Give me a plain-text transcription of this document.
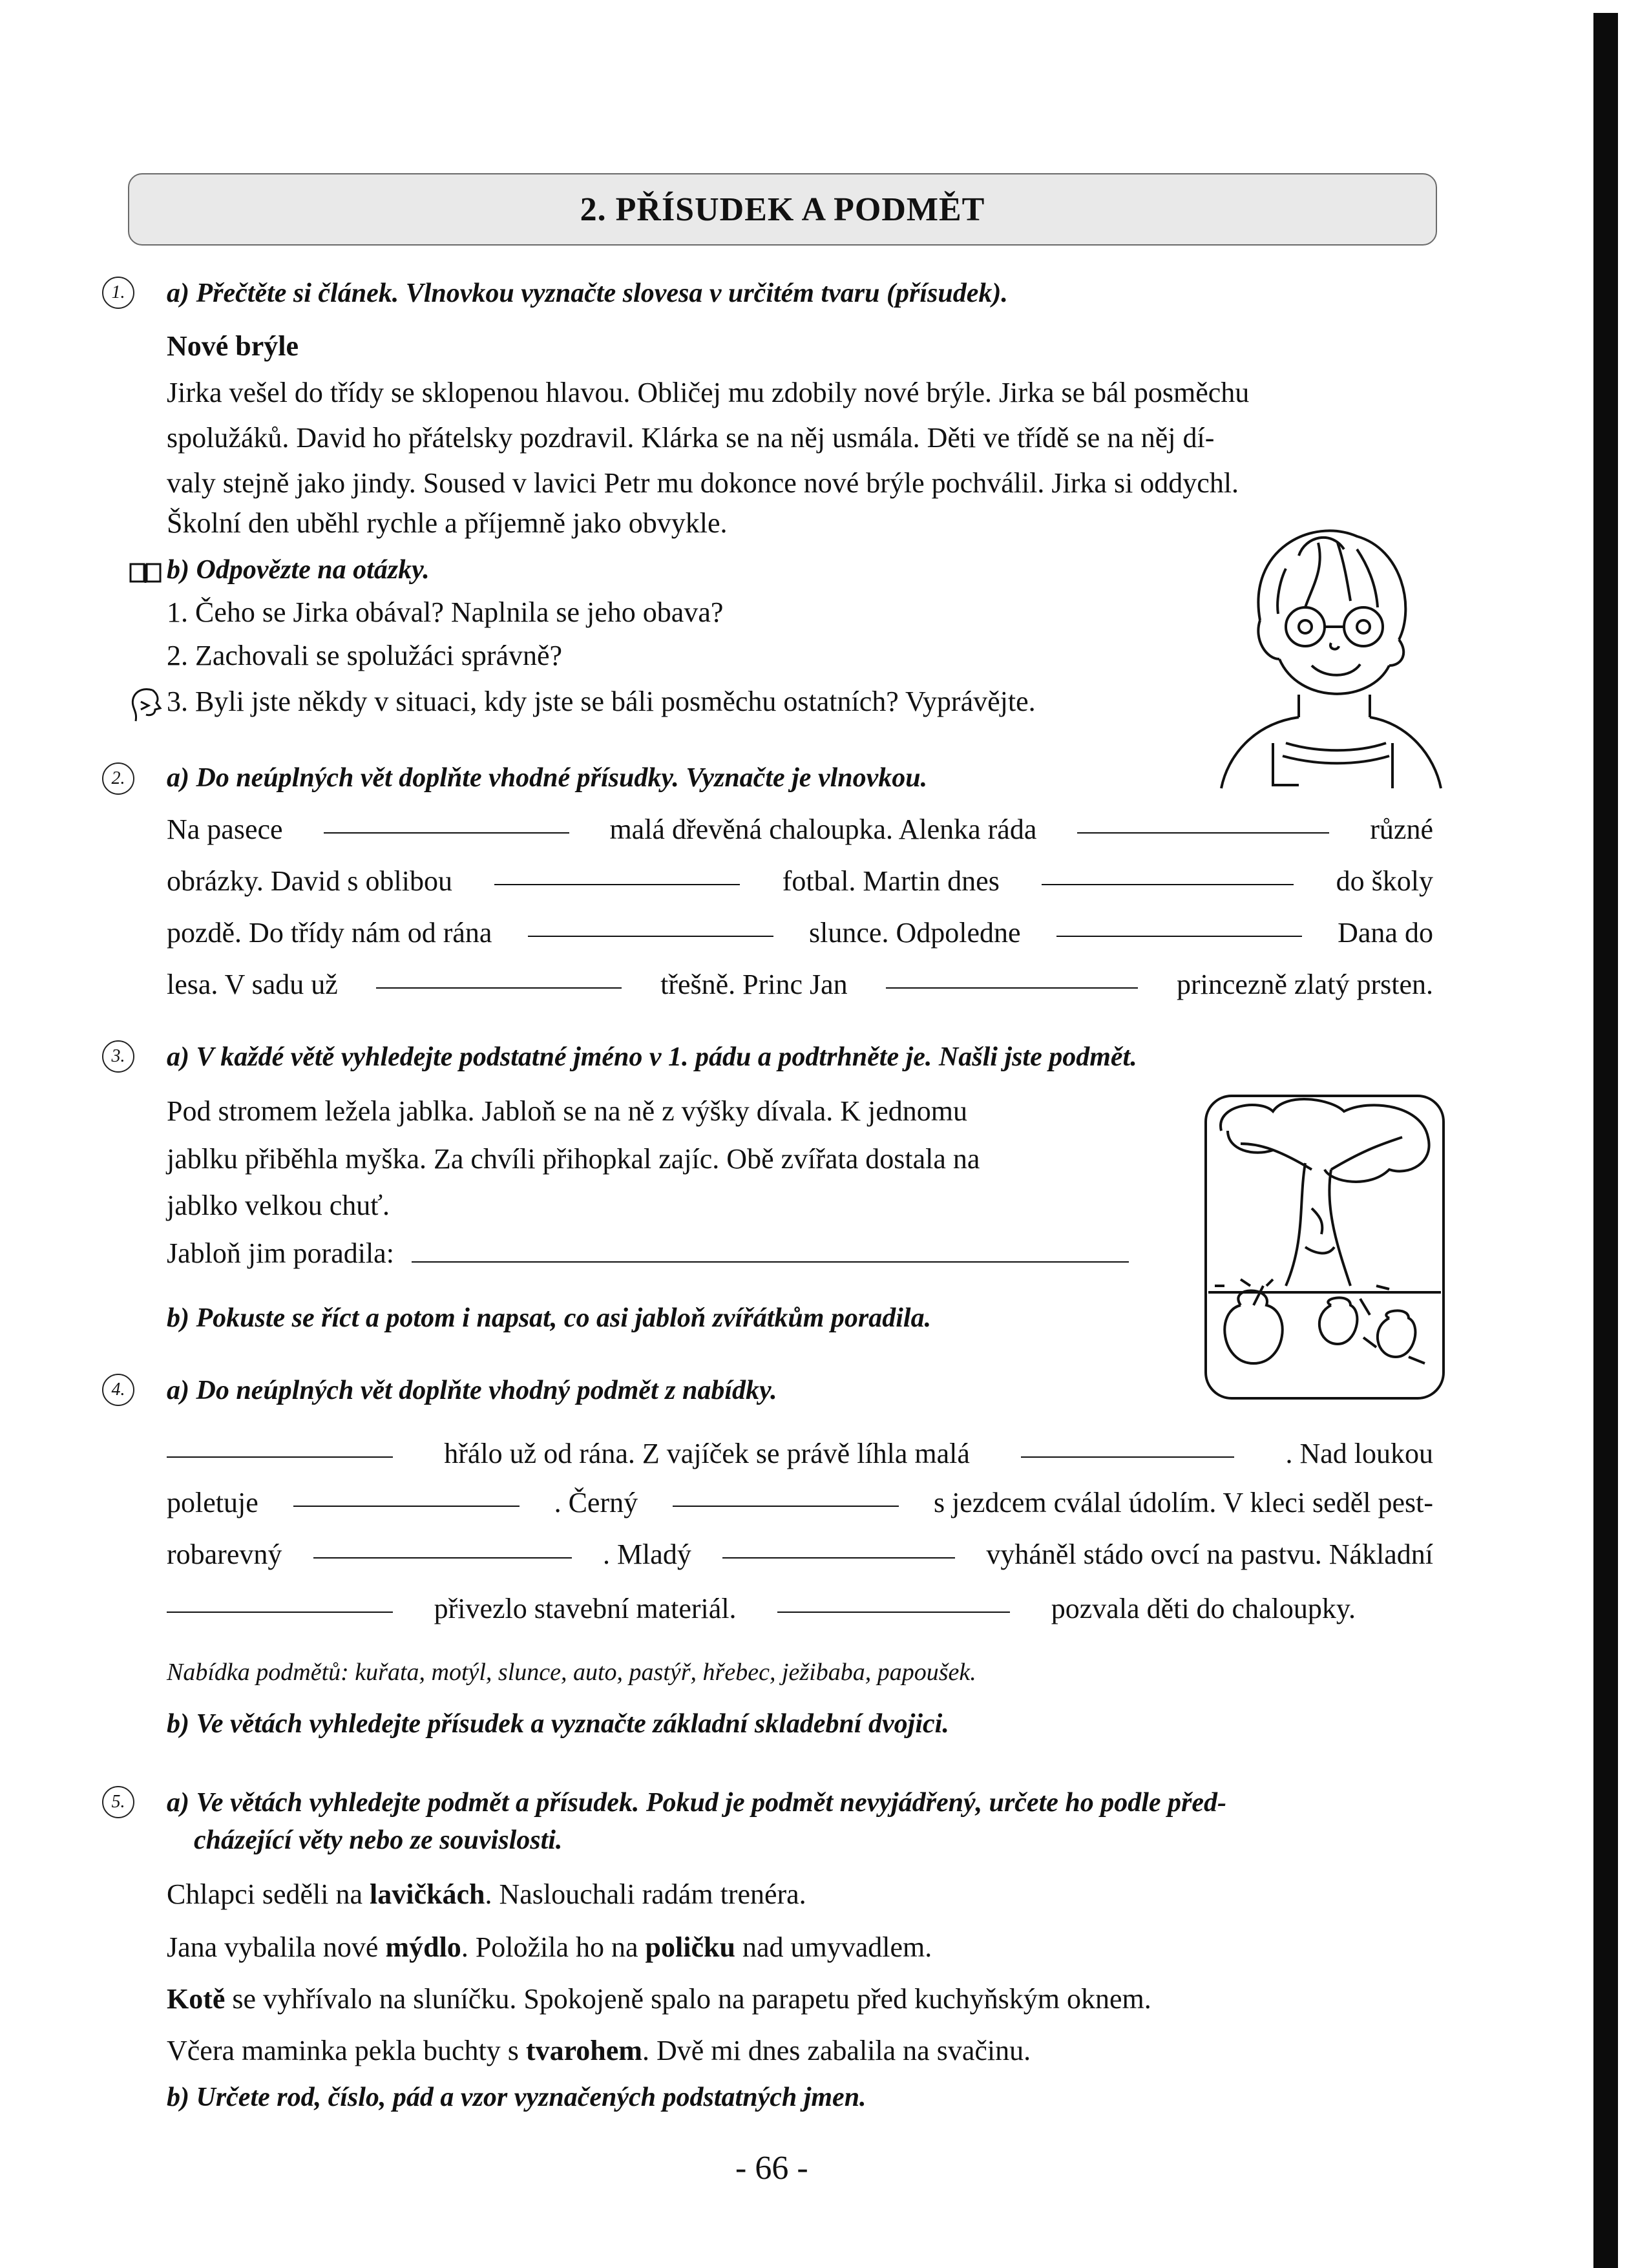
2. PŘÍSUDEK A PODMĚT
1.	a) Přečtěte si článek. Vlnovkou vyznačte slovesa v určitém tvaru (přísudek).
Nové brýle
Jirka vešel do třídy se sklopenou hlavou. Obličej mu zdobily nové brýle. Jirka se bál posměchu
spolužáků. David ho přátelsky pozdravil. Klárka se na něj usmála. Děti ve třídě se na něj dí-
valy stejně jako jindy. Soused v lavici Petr mu dokonce nové brýle pochválil. Jirka si oddychl.
Školní den uběhl rychle a příjemně jako obvykle.
b) Odpovězte na otázky.
1. Čeho se Jirka obával? Naplnila se jeho obava?
2. Zachovali se spolužáci správně?
3. Byli jste někdy v situaci, kdy jste se báli posměchu ostatních? Vyprávějte.
2.	a) Do neúplných vět doplňte vhodné přísudky. Vyznačte je vlnovkou.
Na pasece	malá dřevěná chaloupka. Alenka ráda	různé
obrázky. David s oblibou	fotbal. Martin dnes	do školy
pozdě. Do třídy nám od rána	slunce. Odpoledne	Dana do
lesa. V sadu už	třešně. Princ Jan	princezně zlatý prsten.
3.	a) V každé větě vyhledejte podstatné jméno v 1. pádu a podtrhněte je. Našli jste podmět.
Pod stromem ležela jablka. Jabloň se na ně z výšky dívala. K jednomu
jablku přiběhla myška. Za chvíli přihopkal zajíc. Obě zvířata dostala na
jablko velkou chuť.
Jabloň jim poradila:
b) Pokuste se říct a potom i napsat, co asi jabloň zvířátkům poradila.
4.	a) Do neúplných vět doplňte vhodný podmět z nabídky.
hřálo už od rána. Z vajíček se právě líhla malá	. Nad loukou
poletuje	. Černý	s jezdcem cválal údolím. V kleci seděl pest-
robarevný	. Mladý	vyháněl stádo ovcí na pastvu. Nákladní
přivezlo stavební materiál.	pozvala děti do chaloupky.
Nabídka podmětů: kuřata, motýl, slunce, auto, pastýř, hřebec, ježibaba, papoušek.
b) Ve větách vyhledejte přísudek a vyznačte základní skladební dvojici.
5.	a) Ve větách vyhledejte podmět a přísudek. Pokud je podmět nevyjádřený, určete ho podle před-
cházející věty nebo ze souvislosti.
Chlapci seděli na lavičkách. Naslouchali radám trenéra.
Jana vybalila nové mýdlo. Položila ho na poličku nad umyvadlem.
Kotě se vyhřívalo na sluníčku. Spokojeně spalo na parapetu před kuchyňským oknem.
Včera maminka pekla buchty s tvarohem. Dvě mi dnes zabalila na svačinu.
b) Určete rod, číslo, pád a vzor vyznačených podstatných jmen.
- 66 -
